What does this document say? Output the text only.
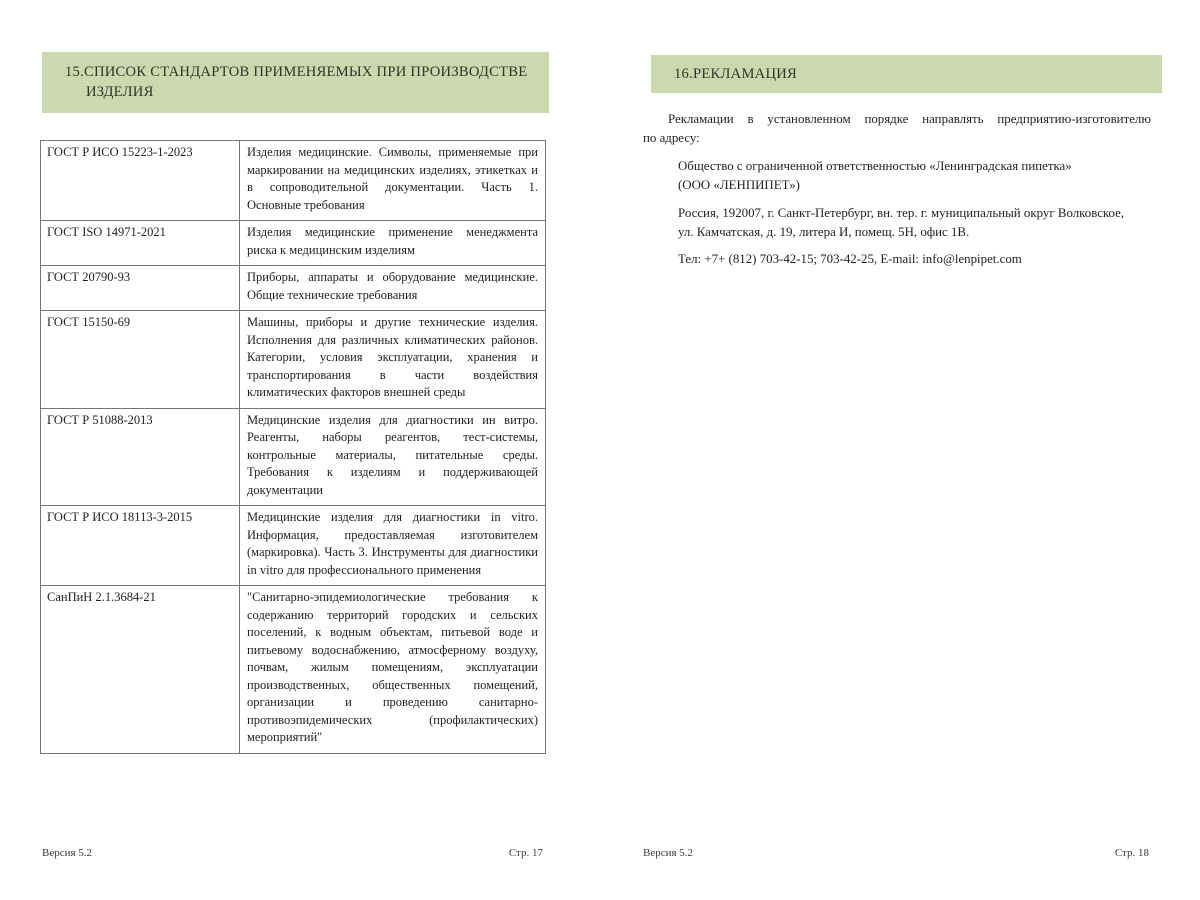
15.СПИСОК СТАНДАРТОВ ПРИМЕНЯЕМЫХ ПРИ ПРОИЗВОДСТВЕ
ИЗДЕЛИЯ
ГОСТ Р ИСО 15223-1-2023	Изделия медицинские. Символы, применяемые при маркировании на медицинских изделиях, этикетках и в сопроводительной документации. Часть 1. Основные требования
ГОСТ ISO 14971-2021	Изделия медицинские применение менеджмента риска к медицинским изделиям
ГОСТ 20790-93	Приборы, аппараты и оборудование медицинские. Общие технические требования
ГОСТ 15150-69	Машины, приборы и другие технические изделия. Исполнения для различных климатических районов. Категории, условия эксплуатации, хранения и транспортирования в части воздействия климатических факторов внешней среды
ГОСТ Р 51088-2013	Медицинские изделия для диагностики ин витро. Реагенты, наборы реагентов, тест-системы, контрольные материалы, питательные среды. Требования к изделиям и поддерживающей документации
ГОСТ Р ИСО 18113-3-2015	Медицинские изделия для диагностики in vitro. Информация, предоставляемая изготовителем (маркировка). Часть 3. Инструменты для диагностики in vitro для профессионального применения
СанПиН 2.1.3684-21	"Санитарно-эпидемиологические требования к содержанию территорий городских и сельских поселений, к водным объектам, питьевой воде и питьевому водоснабжению, атмосферному воздуху, почвам, жилым помещениям, эксплуатации производственных, общественных помещений, организации и проведению санитарно-противоэпидемических (профилактических) мероприятий"
Версия 5.2	Стр. 17
16.РЕКЛАМАЦИЯ
Рекламации в установленном порядке направлять предприятию-изготовителю
по адресу:
Общество с ограниченной ответственностью «Ленинградская пипетка»
(ООО «ЛЕНПИПЕТ»)
Россия, 192007, г. Санкт-Петербург, вн. тер. г. муниципальный округ Волковское,
ул. Камчатская, д. 19, литера И, помещ. 5Н, офис 1В.
Тел: +7+ (812) 703-42-15; 703-42-25, E-mail: info@lenpipet.com
Версия 5.2	Стр. 18
